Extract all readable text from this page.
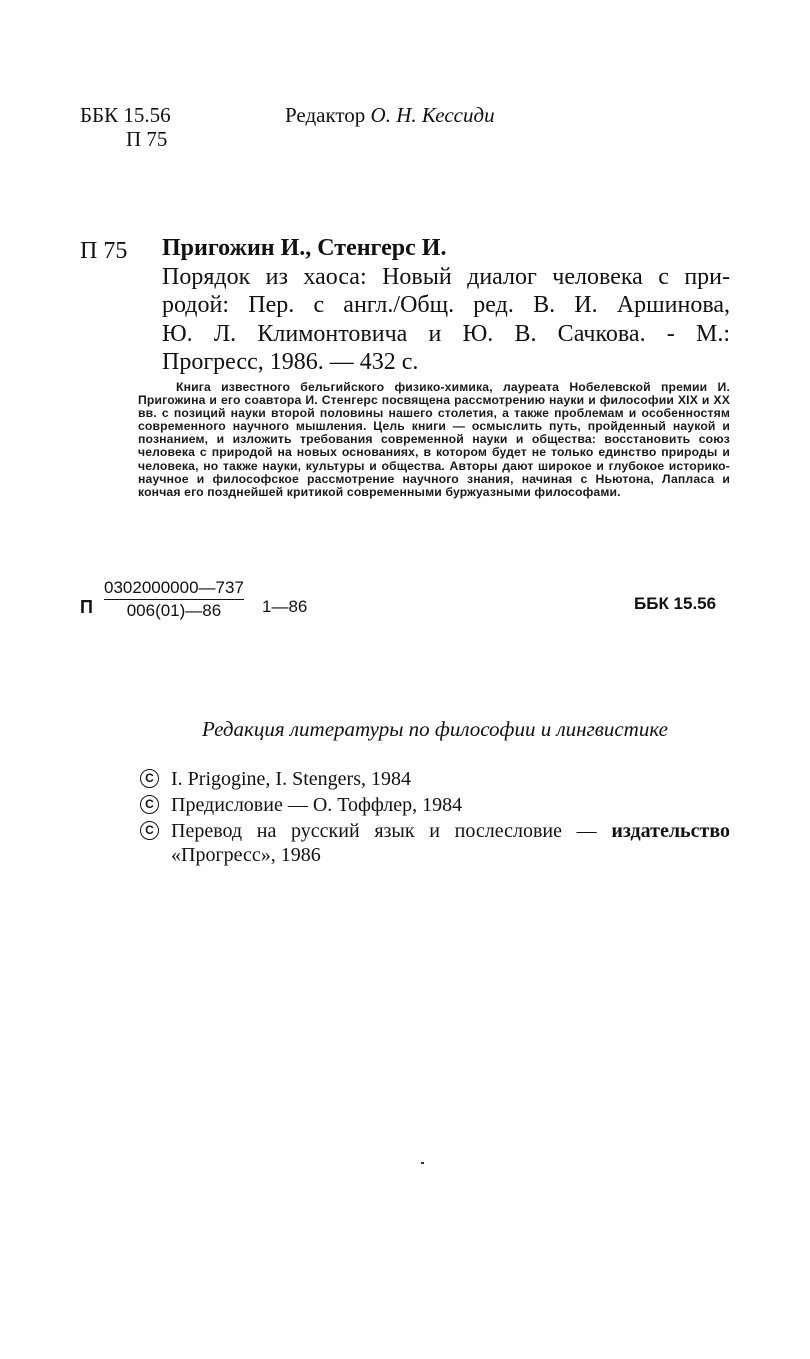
ББК 15.56
П 75
Редактор О. Н. Кессиди
П 75 Пригожин И., Стенгерс И.
Порядок из хаоса: Новый диалог человека с при-
родой: Пер. с англ./Общ. ред. В. И. Аршинова,
Ю. Л. Климонтовича и Ю. В. Сачкова. - М.:
Прогресс, 1986. — 432 с.
Книга известного бельгийского физико-химика, лауреата Нобелевской премии И. Пригожина и его соавтора И. Стенгерс посвящена рассмотрению науки и философии XIX и XX вв. с позиций науки второй половины нашего столетия, а также проблемам и особенностям современного научного мышления. Цель книги — осмыслить путь, пройденный наукой и познанием, и изложить требования современной науки и общества: восстановить союз человека с природой на новых основаниях, в котором будет не только единство природы и человека, но также науки, культуры и общества. Авторы дают широкое и глубокое историко-научное и философское рассмотрение научного знания, начиная с Ньютона, Лапласа и кончая его позднейшей критикой современными буржуазными философами.
П $\frac{0302000000—737}{006(01)—86}$ 1—86	ББК 15.56
Редакция литературы по философии и лингвистике
C I. Prigogine, I. Stengers, 1984
C Предисловие — О. Тоффлер, 1984
C Перевод на русский язык и послесловие — издательство
«Прогресс», 1986
